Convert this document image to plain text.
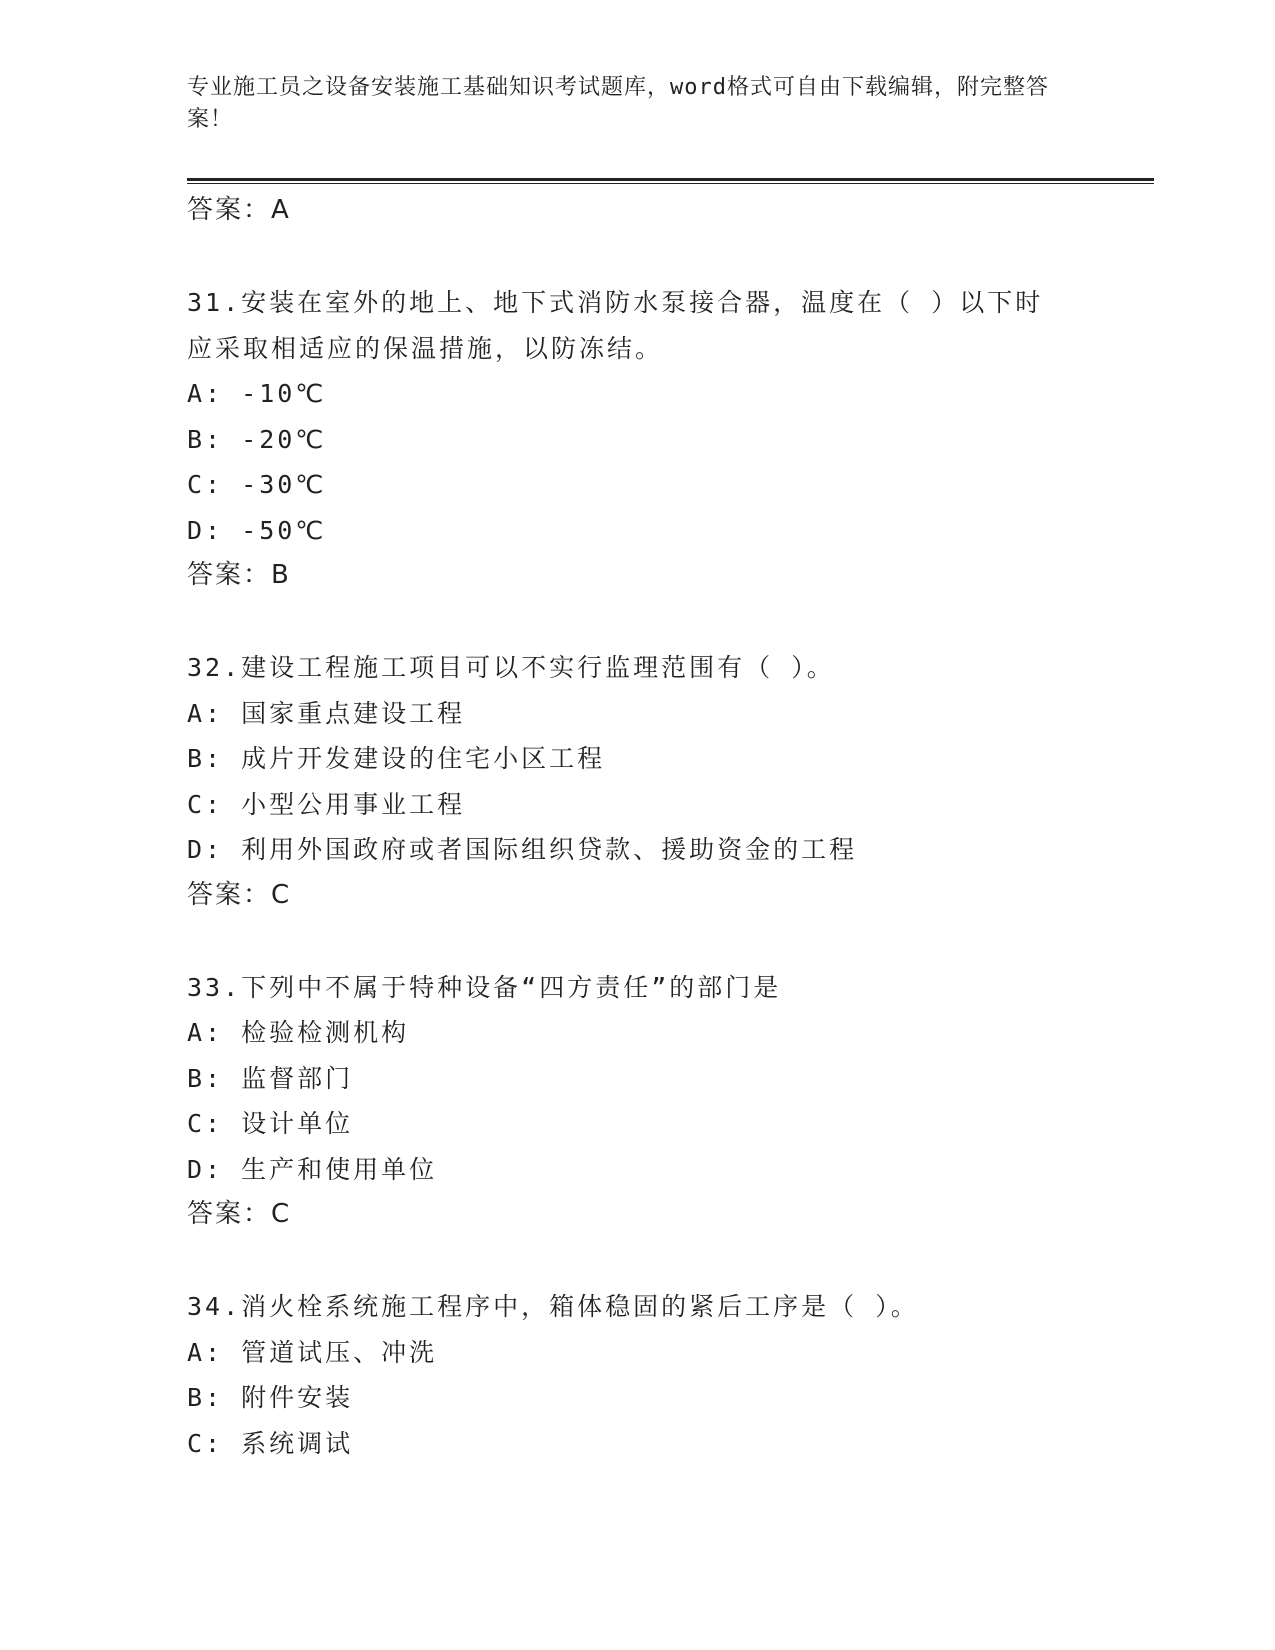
专业施工员之设备安装施工基础知识考试题库，word格式可自由下载编辑，附完整答案！
答案：A
31.安装在室外的地上、地下式消防水泵接合器，温度在（ ）以下时
应采取相适应的保温措施，以防冻结。
A: -10℃
B: -20℃
C: -30℃
D: -50℃
答案：B
32.建设工程施工项目可以不实行监理范围有（ ）。
A: 国家重点建设工程
B: 成片开发建设的住宅小区工程
C: 小型公用事业工程
D: 利用外国政府或者国际组织贷款、援助资金的工程
答案：C
33.下列中不属于特种设备“四方责任”的部门是
A: 检验检测机构
B: 监督部门
C: 设计单位
D: 生产和使用单位
答案：C
34.消火栓系统施工程序中，箱体稳固的紧后工序是（ ）。
A: 管道试压、冲洗
B: 附件安装
C: 系统调试
